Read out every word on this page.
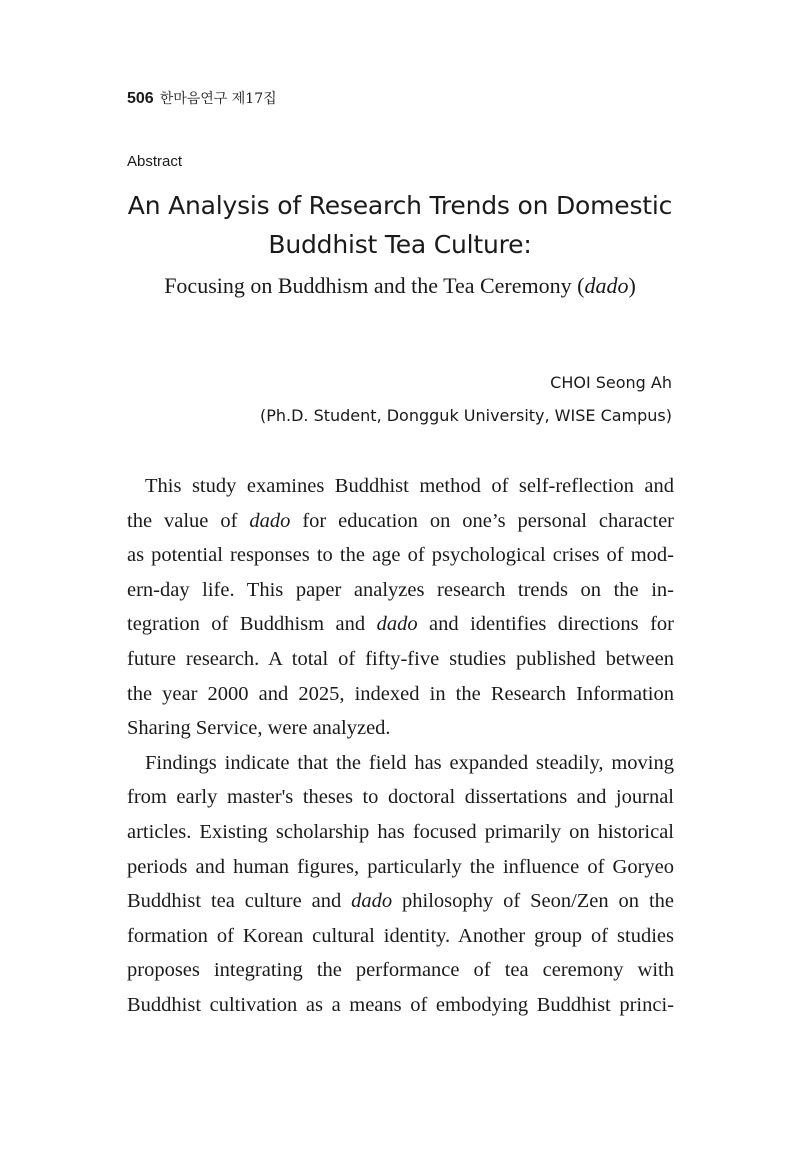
506 한마음연구 제17집
Abstract
An Analysis of Research Trends on Domestic
Buddhist Tea Culture:
Focusing on Buddhism and the Tea Ceremony (dado)
CHOI Seong Ah
(Ph.D. Student, Dongguk University, WISE Campus)
This study examines Buddhist method of self-reflection and
the value of dado for education on one’s personal character
as potential responses to the age of psychological crises of mod-
ern-day life. This paper analyzes research trends on the in-
tegration of Buddhism and dado and identifies directions for
future research. A total of fifty-five studies published between
the year 2000 and 2025, indexed in the Research Information
Sharing Service, were analyzed.
Findings indicate that the field has expanded steadily, moving
from early master's theses to doctoral dissertations and journal
articles. Existing scholarship has focused primarily on historical
periods and human figures, particularly the influence of Goryeo
Buddhist tea culture and dado philosophy of Seon/Zen on the
formation of Korean cultural identity. Another group of studies
proposes integrating the performance of tea ceremony with
Buddhist cultivation as a means of embodying Buddhist princi-
